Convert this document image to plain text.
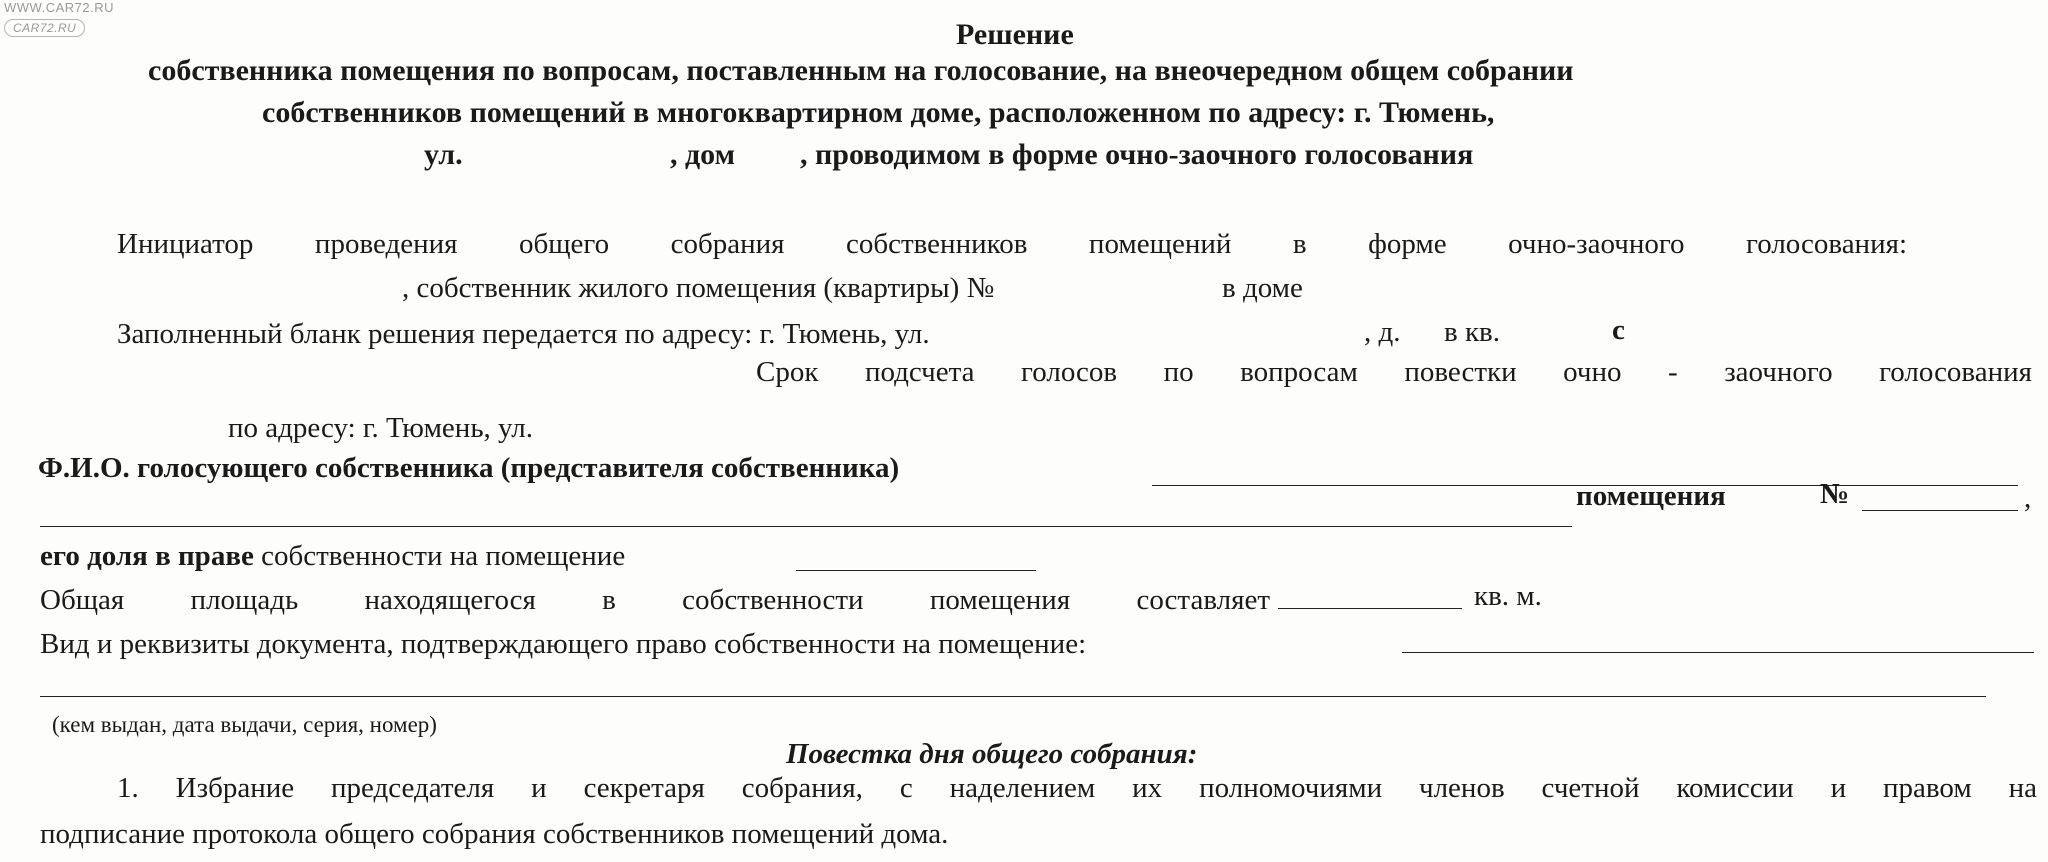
WWW.CAR72.RU
CAR72.RU	Решение
собственника помещения по вопросам, поставленным на голосование, на внеочередном общем собрании
собственников помещений в многоквартирном доме, расположенном по адресу: г. Тюмень,
ул.	, дом , проводимом в форме очно-заочного голосования
Инициатор проведения общего собрания собственников помещений в форме очно-заочного голосования:
, собственник жилого помещения (квартиры) №	в доме
Заполненный бланк решения передается по адресу: г. Тюмень, ул.	, д. в кв.	с
Срок подсчета голосов по вопросам повестки очно - заочного голосования
по адресу: г. Тюмень, ул.
Ф.И.О. голосующего собственника (представителя собственника)
помещения	№	,
его доля в праве собственности на помещение
Общая площадь находящегося в собственности помещения составляет	кв. м.
Вид и реквизиты документа, подтверждающего право собственности на помещение:
(кем выдан, дата выдачи, серия, номер)
Повестка дня общего собрания:
1. Избрание председателя и секретаря собрания, с наделением их полномочиями членов счетной комиссии и правом на
подписание протокола общего собрания собственников помещений дома.
